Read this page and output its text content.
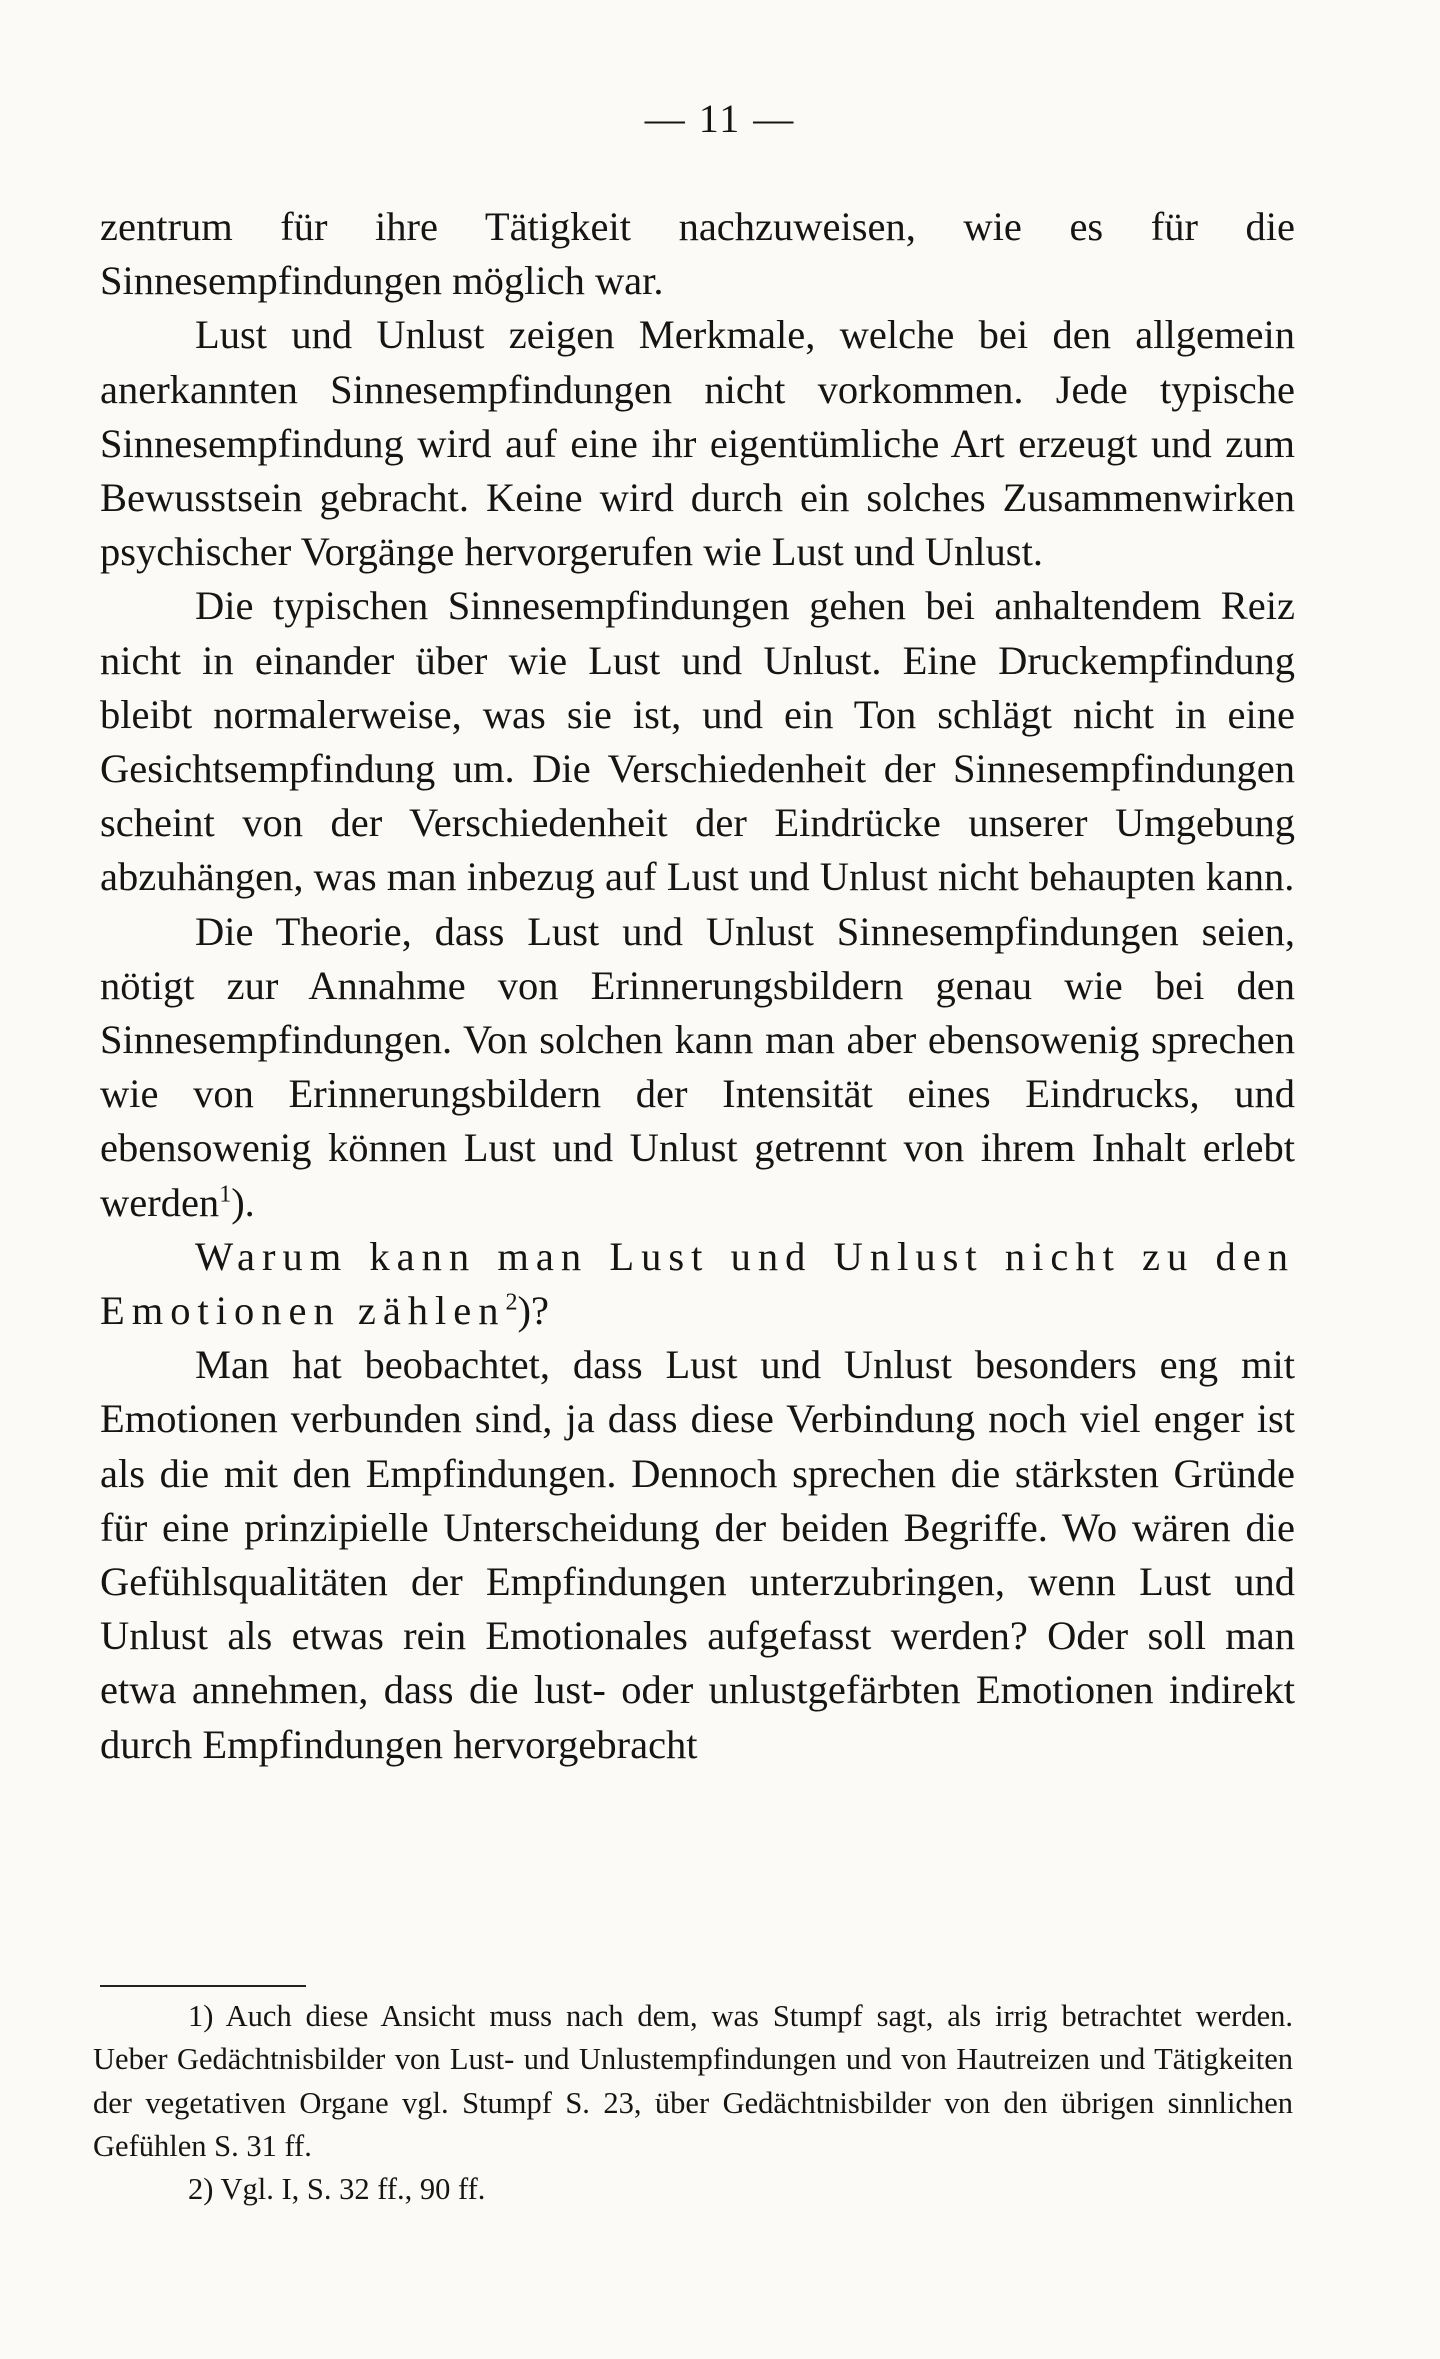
— 11 —

zentrum für ihre Tätigkeit nachzuweisen, wie es für die Sinnesempfindungen möglich war.

Lust und Unlust zeigen Merkmale, welche bei den allgemein anerkannten Sinnesempfindungen nicht vorkommen. Jede typische Sinnesempfindung wird auf eine ihr eigentümliche Art erzeugt und zum Bewusstsein gebracht. Keine wird durch ein solches Zusammenwirken psychischer Vorgänge hervorgerufen wie Lust und Unlust.

Die typischen Sinnesempfindungen gehen bei anhaltendem Reiz nicht in einander über wie Lust und Unlust. Eine Druckempfindung bleibt normalerweise, was sie ist, und ein Ton schlägt nicht in eine Gesichtsempfindung um. Die Verschiedenheit der Sinnesempfindungen scheint von der Verschiedenheit der Eindrücke unserer Umgebung abzuhängen, was man inbezug auf Lust und Unlust nicht behaupten kann.

Die Theorie, dass Lust und Unlust Sinnesempfindungen seien, nötigt zur Annahme von Erinnerungsbildern genau wie bei den Sinnesempfindungen. Von solchen kann man aber ebensowenig sprechen wie von Erinnerungsbildern der Intensität eines Eindrucks, und ebensowenig können Lust und Unlust getrennt von ihrem Inhalt erlebt werden$^1$).

Warum kann man Lust und Unlust nicht zu den Emotionen zählen$^2$)?

Man hat beobachtet, dass Lust und Unlust besonders eng mit Emotionen verbunden sind, ja dass diese Verbindung noch viel enger ist als die mit den Empfindungen. Dennoch sprechen die stärksten Gründe für eine prinzipielle Unterscheidung der beiden Begriffe. Wo wären die Gefühlsqualitäten der Empfindungen unterzubringen, wenn Lust und Unlust als etwas rein Emotionales aufgefasst werden? Oder soll man etwa annehmen, dass die lust- oder unlustgefärbten Emotionen indirekt durch Empfindungen hervorgebracht

1) Auch diese Ansicht muss nach dem, was Stumpf sagt, als irrig betrachtet werden. Ueber Gedächtnisbilder von Lust- und Unlustempfindungen und von Hautreizen und Tätigkeiten der vegetativen Organe vgl. Stumpf S. 23, über Gedächtnisbilder von den übrigen sinnlichen Gefühlen S. 31 ff.

2) Vgl. I, S. 32 ff., 90 ff.
